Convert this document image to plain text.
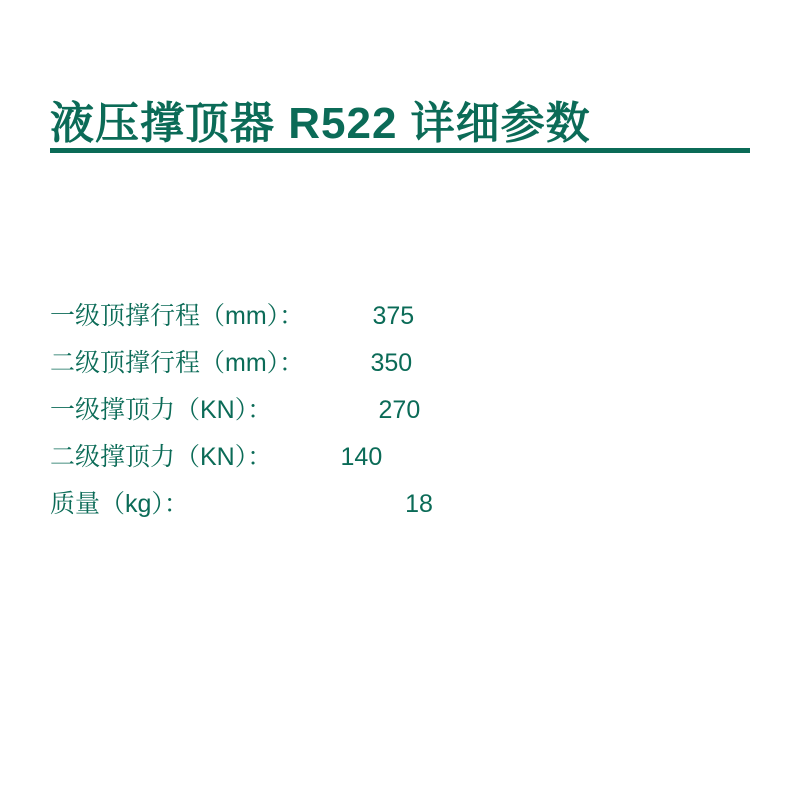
液压撑顶器 R522 详细参数
一级顶撑行程（mm）：	375
二级顶撑行程（mm）：	350
一级撑顶力（KN）：	270
二级撑顶力（KN）：	140
质量（kg）：	18
